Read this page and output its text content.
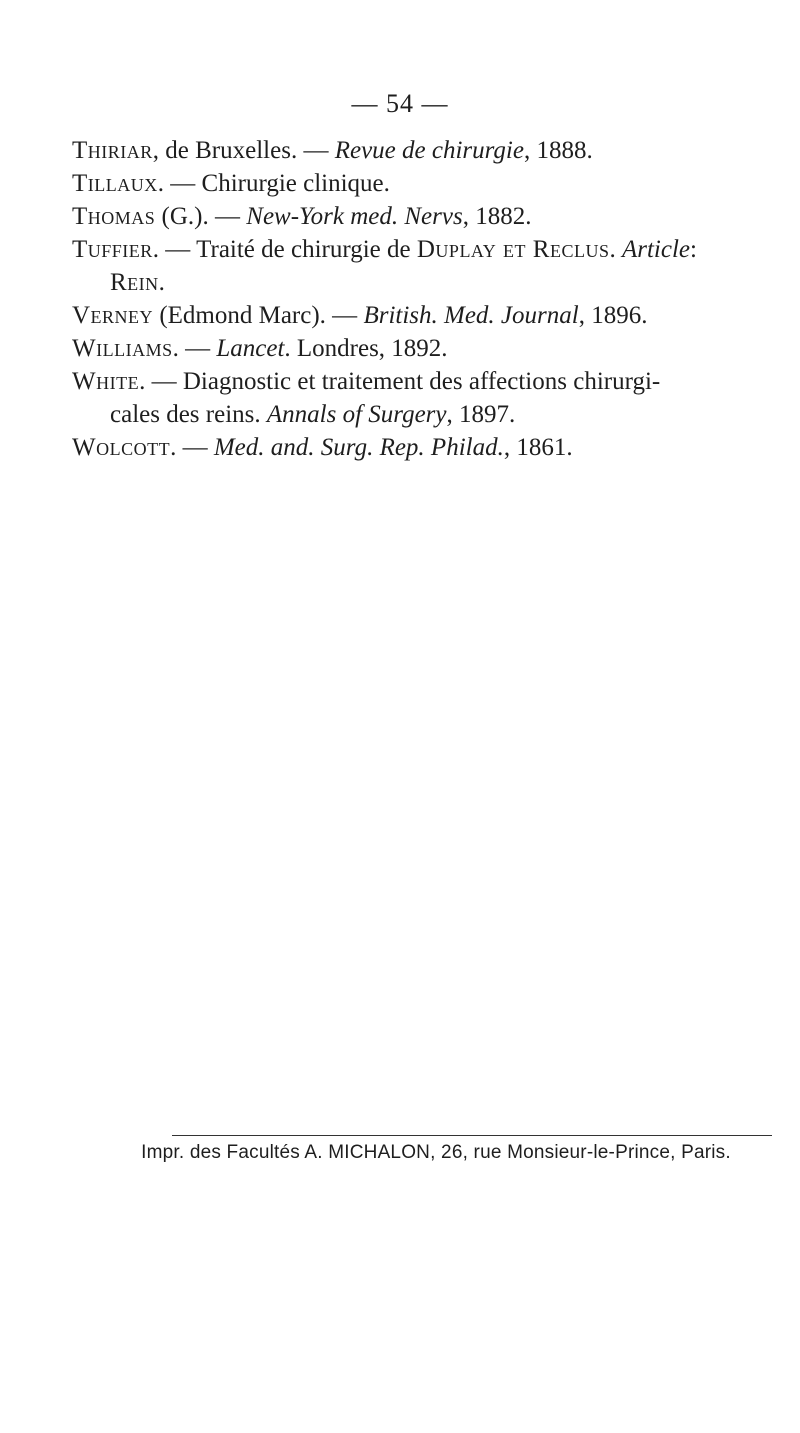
— 54 —
Thiriar, de Bruxelles. — Revue de chirurgie, 1888.
Tillaux. — Chirurgie clinique.
Thomas (G.). — New-York med. Nervs, 1882.
Tuffier. — Traité de chirurgie de Duplay et Reclus. Article:
Rein.
Verney (Edmond Marc). — British. Med. Journal, 1896.
Williams. — Lancet. Londres, 1892.
White. — Diagnostic et traitement des affections chirurgi-
cales des reins. Annals of Surgery, 1897.
Wolcott. — Med. and. Surg. Rep. Philad., 1861.
Impr. des Facultés A. MICHALON, 26, rue Monsieur-le-Prince, Paris.
